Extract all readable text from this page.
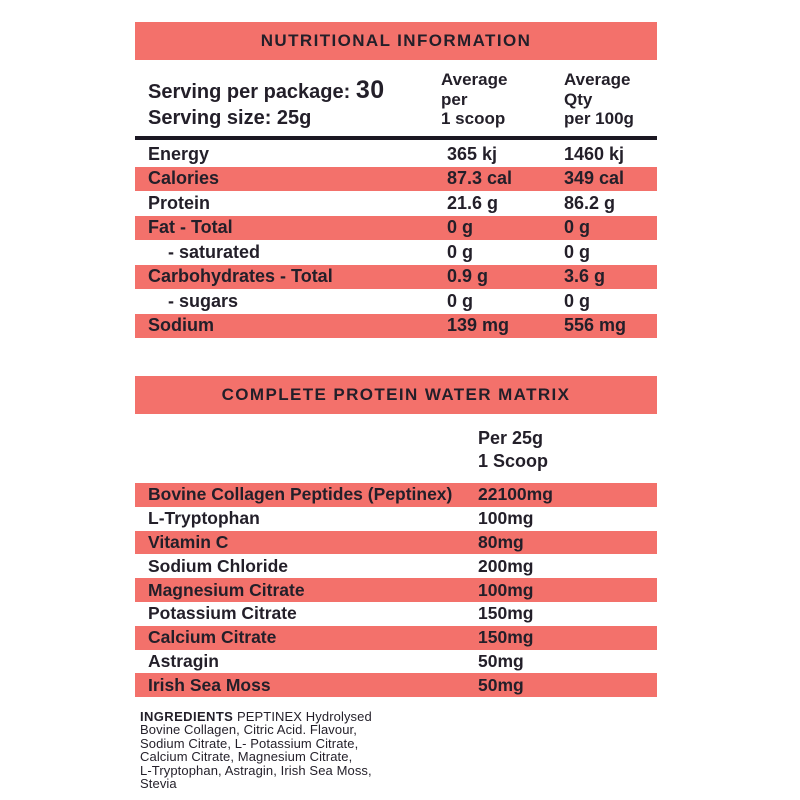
NUTRITIONAL INFORMATION
Serving per package: 30
Serving size: 25g
Average
per
1 scoop
Average
Qty
per 100g
Energy	365 kj	1460 kj
Calories	87.3 cal	349 cal
Protein	21.6 g	86.2 g
Fat - Total	0 g	0 g
- saturated	0 g	0 g
Carbohydrates - Total	0.9 g	3.6 g
- sugars	0 g	0 g
Sodium	139 mg	556 mg
COMPLETE PROTEIN WATER MATRIX
Per 25g
1 Scoop
Bovine Collagen Peptides (Peptinex) 22100mg
L-Tryptophan	100mg
Vitamin C	80mg
Sodium Chloride	200mg
Magnesium Citrate	100mg
Potassium Citrate	150mg
Calcium Citrate	150mg
Astragin	50mg
Irish Sea Moss	50mg
INGREDIENTS PEPTINEX Hydrolysed
Bovine Collagen, Citric Acid. Flavour,
Sodium Citrate, L- Potassium Citrate,
Calcium Citrate, Magnesium Citrate,
L-Tryptophan, Astragin, Irish Sea Moss,
Stevia
